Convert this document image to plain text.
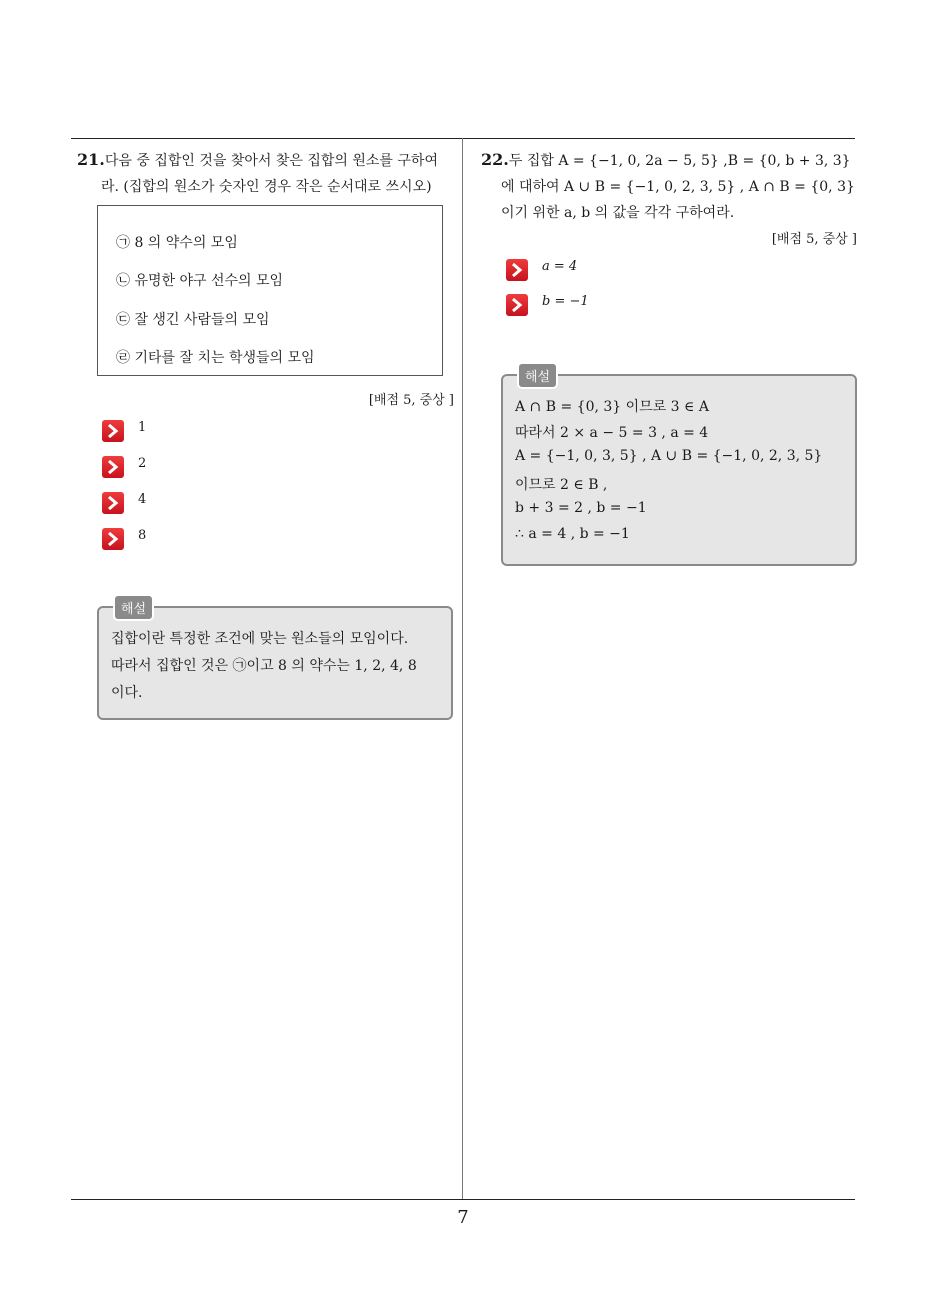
21.다음 중 집합인 것을 찾아서 찾은 집합의 원소를 구하여
라. (집합의 원소가 숫자인 경우 작은 순서대로 쓰시오)
㉠ 8 의 약수의 모임
㉡ 유명한 야구 선수의 모임
㉢ 잘 생긴 사람들의 모임
㉣ 기타를 잘 치는 학생들의 모임
[배점 5, 중상 ]
1
2
4
8
해설
집합이란 특정한 조건에 맞는 원소들의 모임이다.
따라서 집합인 것은 ㉠이고 8 의 약수는 1, 2, 4, 8
이다.
22.두 집합 A = {−1, 0, 2a − 5, 5} ,B = {0, b + 3, 3}
에 대하여 A ∪ B = {−1, 0, 2, 3, 5} , A ∩ B = {0, 3}
이기 위한 a, b 의 값을 각각 구하여라.
[배점 5, 중상 ]
a = 4
b = −1
해설
A ∩ B = {0, 3} 이므로 3 ∈ A
따라서 2 × a − 5 = 3 , a = 4
A = {−1, 0, 3, 5} , A ∪ B = {−1, 0, 2, 3, 5}
이므로 2 ∈ B ,
b + 3 = 2 , b = −1
∴ a = 4 , b = −1
7
